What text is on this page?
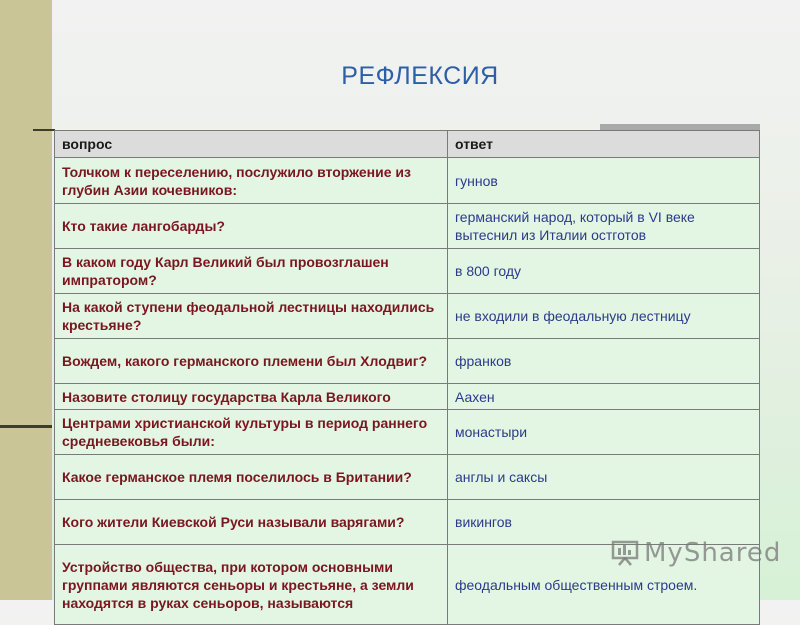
РЕФЛЕКСИЯ
вопрос	ответ
Толчком к переселению, послужило вторжение из глубин Азии кочевников:	гуннов
Кто такие лангобарды?	германский народ, который в VI веке вытеснил из Италии остготов
В каком году Карл Великий был провозглашен импратором?	в 800 году
На какой ступени феодальной лестницы находились крестьяне?	не входили в феодальную лестницу
Вождем, какого германского племени был Хлодвиг?	франков
Назовите столицу государства Карла Великого	Аахен
Центрами христианской культуры в период раннего средневековья были:	монастыри
Какое германское племя поселилось в Британии?	англы и саксы
Кого жители Киевской Руси называли варягами?	викингов
Устройство общества, при котором основными группами являются сеньоры и крестьяне, а земли находятся в руках сеньоров, называются	феодальным общественным строем.
MyShared
